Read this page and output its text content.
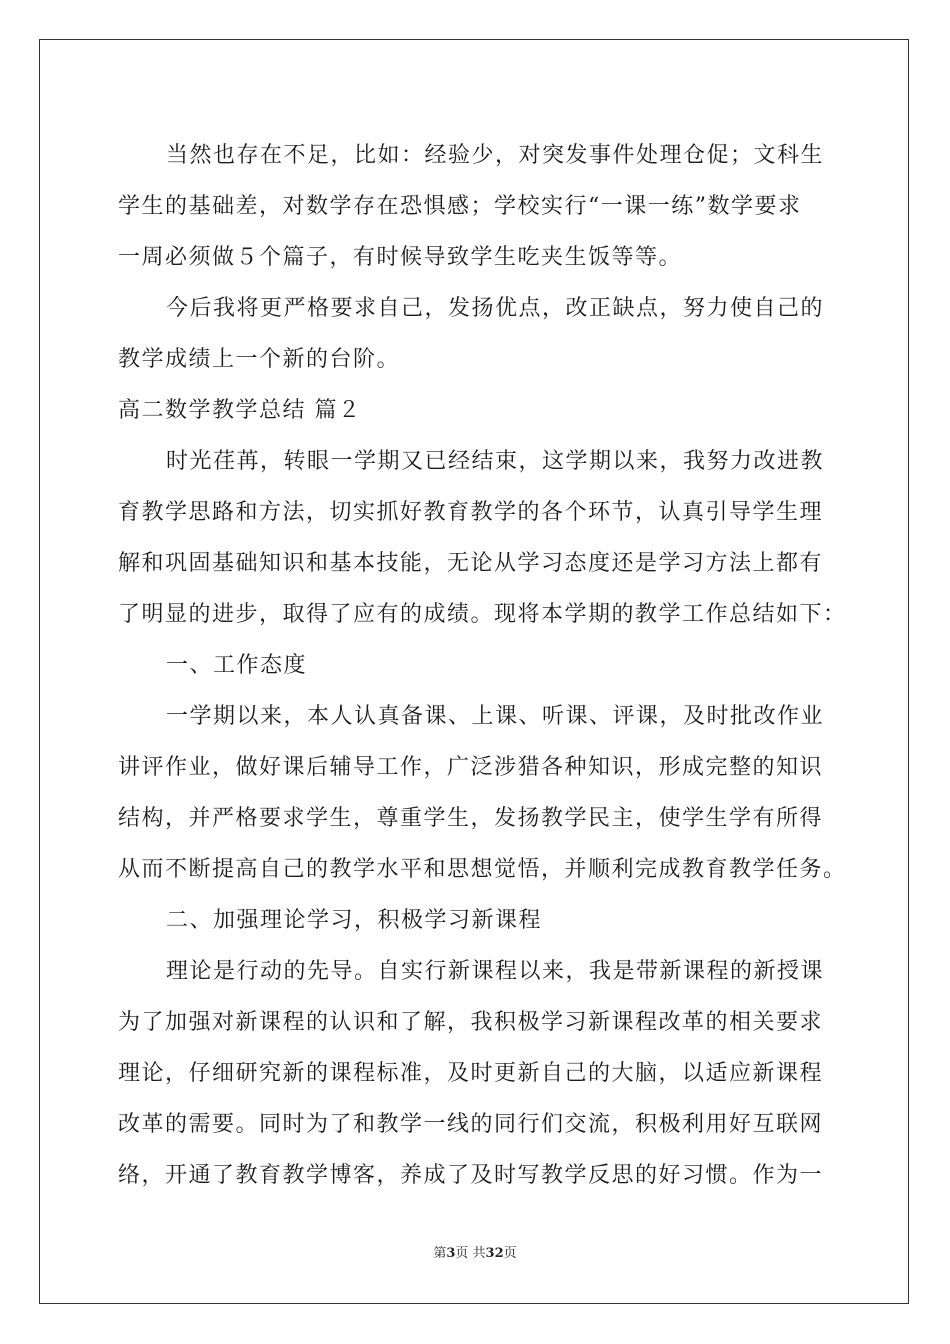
当然也存在不足，比如：经验少，对突发事件处理仓促；文科生
学生的基础差，对数学存在恐惧感；学校实行“一课一练”数学要求
一周必须做５个篇子，有时候导致学生吃夹生饭等等。
今后我将更严格要求自己，发扬优点，改正缺点，努力使自己的
教学成绩上一个新的台阶。
高二数学教学总结 篇２
时光荏苒，转眼一学期又已经结束，这学期以来，我努力改进教
育教学思路和方法，切实抓好教育教学的各个环节，认真引导学生理
解和巩固基础知识和基本技能，无论从学习态度还是学习方法上都有
了明显的进步，取得了应有的成绩。现将本学期的教学工作总结如下：
一、工作态度
一学期以来，本人认真备课、上课、听课、评课，及时批改作业
讲评作业，做好课后辅导工作，广泛涉猎各种知识，形成完整的知识
结构，并严格要求学生，尊重学生，发扬教学民主，使学生学有所得
从而不断提高自己的教学水平和思想觉悟，并顺利完成教育教学任务。
二、加强理论学习，积极学习新课程
理论是行动的先导。自实行新课程以来，我是带新课程的新授课
为了加强对新课程的认识和了解，我积极学习新课程改革的相关要求
理论，仔细研究新的课程标准，及时更新自己的大脑，以适应新课程
改革的需要。同时为了和教学一线的同行们交流，积极利用好互联网
络，开通了教育教学博客，养成了及时写教学反思的好习惯。作为一
第3页 共32页
